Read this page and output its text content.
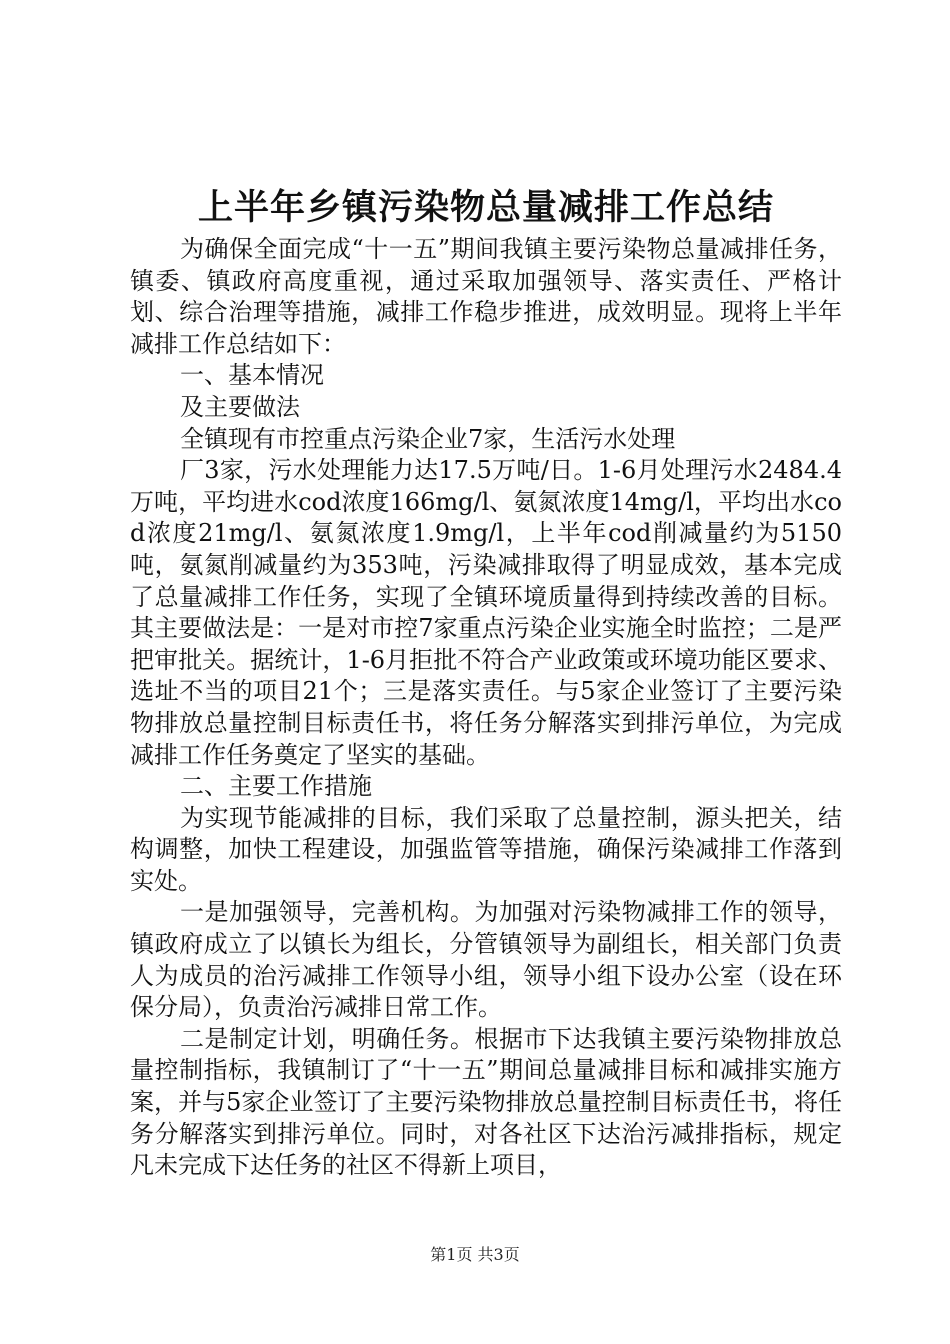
上半年乡镇污染物总量减排工作总结

为确保全面完成“十一五”期间我镇主要污染物总量减排任务，镇委、镇政府高度重视，通过采取加强领导、落实责任、严格计划、综合治理等措施，减排工作稳步推进，成效明显。现将上半年减排工作总结如下：

一、基本情况

及主要做法

全镇现有市控重点污染企业7家，生活污水处理

厂3家，污水处理能力达17.5万吨/日。1-6月处理污水2484.4万吨，平均进水cod浓度166mg/l、氨氮浓度14mg/l，平均出水cod浓度21mg/l、氨氮浓度1.9mg/l，上半年cod削减量约为5150吨，氨氮削减量约为353吨，污染减排取得了明显成效，基本完成了总量减排工作任务，实现了全镇环境质量得到持续改善的目标。其主要做法是：一是对市控7家重点污染企业实施全时监控；二是严把审批关。据统计，1-6月拒批不符合产业政策或环境功能区要求、选址不当的项目21个；三是落实责任。与5家企业签订了主要污染物排放总量控制目标责任书，将任务分解落实到排污单位，为完成减排工作任务奠定了坚实的基础。

二、主要工作措施

为实现节能减排的目标，我们采取了总量控制，源头把关，结构调整，加快工程建设，加强监管等措施，确保污染减排工作落到实处。

一是加强领导，完善机构。为加强对污染物减排工作的领导，镇政府成立了以镇长为组长，分管镇领导为副组长，相关部门负责人为成员的治污减排工作领导小组，领导小组下设办公室（设在环保分局），负责治污减排日常工作。

二是制定计划，明确任务。根据市下达我镇主要污染物排放总量控制指标，我镇制订了“十一五”期间总量减排目标和减排实施方案，并与5家企业签订了主要污染物排放总量控制目标责任书，将任务分解落实到排污单位。同时，对各社区下达治污减排指标，规定凡未完成下达任务的社区不得新上项目，

第1页 共3页
